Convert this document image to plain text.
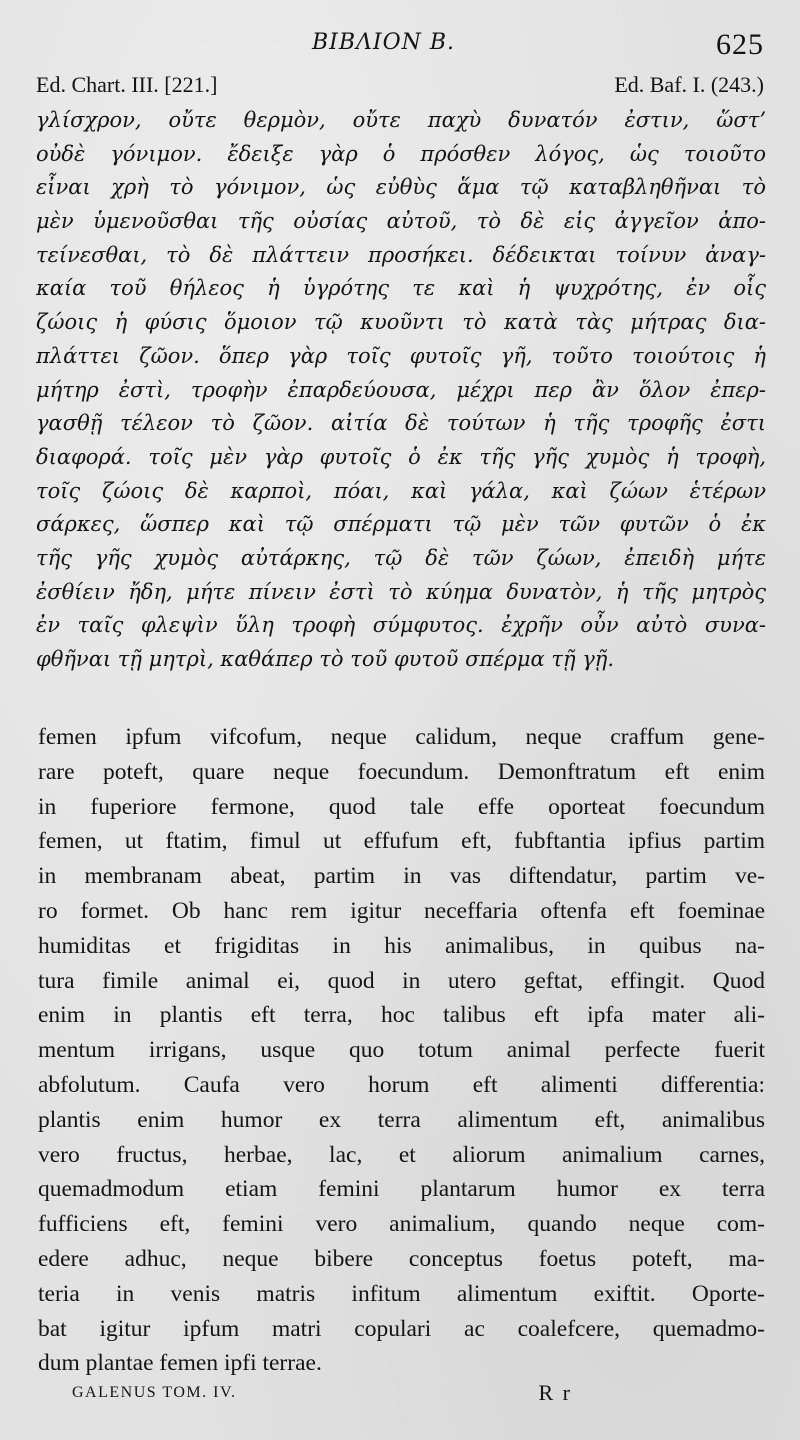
ΒΙΒΛΙΟΝ Β.	625
Ed. Chart. III. [221.]	Ed. Baf. I. (243.)
γλίσχρον, οὔτε θερμὸν, οὔτε παχὺ δυνατόν ἐστιν, ὥστ’
οὐδὲ γόνιμον. ἔδειξε γὰρ ὁ πρόσθεν λόγος, ὡς τοιοῦτο
εἶναι χρὴ τὸ γόνιμον, ὡς εὐθὺς ἅμα τῷ καταβληθῆναι τὸ
μὲν ὑμενοῦσθαι τῆς οὐσίας αὐτοῦ, τὸ δὲ εἰς ἀγγεῖον ἀπο-
τείνεσθαι, τὸ δὲ πλάττειν προσήκει. δέδεικται τοίνυν ἀναγ-
καία τοῦ θήλεος ἡ ὑγρότης τε καὶ ἡ ψυχρότης, ἐν οἷς
ζώοις ἡ φύσις ὅμοιον τῷ κυοῦντι τὸ κατὰ τὰς μήτρας δια-
πλάττει ζῶον. ὅπερ γὰρ τοῖς φυτοῖς γῆ, τοῦτο τοιούτοις ἡ
μήτηρ ἐστὶ, τροφὴν ἐπαρδεύουσα, μέχρι περ ἂν ὅλον ἐπερ-
γασθῇ τέλεον τὸ ζῶον. αἰτία δὲ τούτων ἡ τῆς τροφῆς ἐστι
διαφορά. τοῖς μὲν γὰρ φυτοῖς ὁ ἐκ τῆς γῆς χυμὸς ἡ τροφὴ,
τοῖς ζώοις δὲ καρποὶ, πόαι, καὶ γάλα, καὶ ζώων ἑτέρων
σάρκες, ὥσπερ καὶ τῷ σπέρματι τῷ μὲν τῶν φυτῶν ὁ ἐκ
τῆς γῆς χυμὸς αὐτάρκης, τῷ δὲ τῶν ζώων, ἐπειδὴ μήτε
ἐσθίειν ἤδη, μήτε πίνειν ἐστὶ τὸ κύημα δυνατὸν, ἡ τῆς μητρὸς
ἐν ταῖς φλεψὶν ὕλη τροφὴ σύμφυτος. ἐχρῆν οὖν αὐτὸ συνα-
φθῆναι τῇ μητρὶ, καθάπερ τὸ τοῦ φυτοῦ σπέρμα τῇ γῇ.
femen ipfum vifcofum, neque calidum, neque craffum gene-
rare poteft, quare neque foecundum. Demonftratum eft enim
in fuperiore fermone, quod tale effe oporteat foecundum
femen, ut ftatim, fimul ut effufum eft, fubftantia ipfius partim
in membranam abeat, partim in vas diftendatur, partim ve-
ro formet. Ob hanc rem igitur neceffaria oftenfa eft foeminae
humiditas et frigiditas in his animalibus, in quibus na-
tura fimile animal ei, quod in utero geftat, effingit. Quod
enim in plantis eft terra, hoc talibus eft ipfa mater ali-
mentum irrigans, usque quo totum animal perfecte fuerit
abfolutum. Caufa vero horum eft alimenti differentia:
plantis enim humor ex terra alimentum eft, animalibus
vero fructus, herbae, lac, et aliorum animalium carnes,
quemadmodum etiam femini plantarum humor ex terra
fufficiens eft, femini vero animalium, quando neque com-
edere adhuc, neque bibere conceptus foetus poteft, ma-
teria in venis matris infitum alimentum exiftit. Oporte-
bat igitur ipfum matri copulari ac coalefcere, quemadmo-
dum plantae femen ipfi terrae.
GALENUS TOM. IV.	R r
